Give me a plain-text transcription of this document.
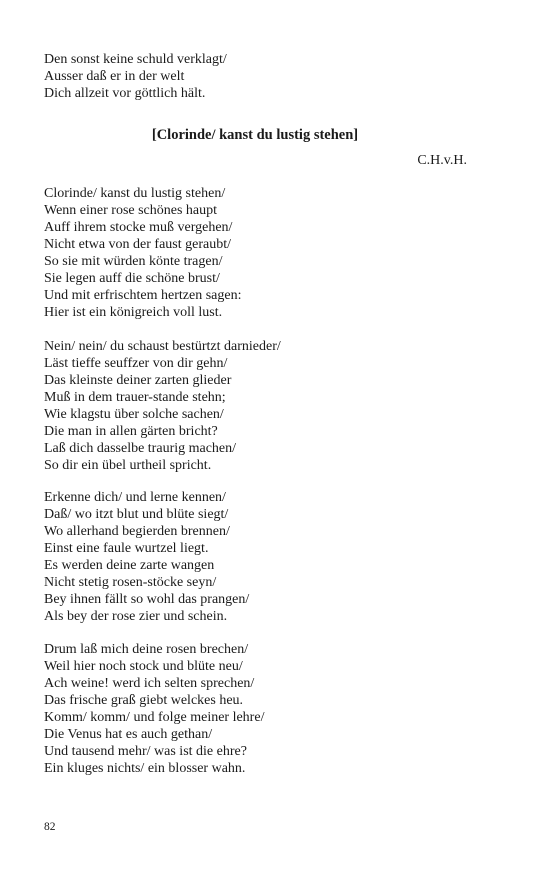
Den sonst keine schuld verklagt/
Ausser daß er in der welt
Dich allzeit vor göttlich hält.
[Clorinde/ kanst du lustig stehen]
C.H.v.H.
Clorinde/ kanst du lustig stehen/
Wenn einer rose schönes haupt
Auff ihrem stocke muß vergehen/
Nicht etwa von der faust geraubt/
So sie mit würden könte tragen/
Sie legen auff die schöne brust/
Und mit erfrischtem hertzen sagen:
Hier ist ein königreich voll lust.
Nein/ nein/ du schaust bestürtzt darnieder/
Läst tieffe seuffzer von dir gehn/
Das kleinste deiner zarten glieder
Muß in dem trauer-stande stehn;
Wie klagstu über solche sachen/
Die man in allen gärten bricht?
Laß dich dasselbe traurig machen/
So dir ein übel urtheil spricht.
Erkenne dich/ und lerne kennen/
Daß/ wo itzt blut und blüte siegt/
Wo allerhand begierden brennen/
Einst eine faule wurtzel liegt.
Es werden deine zarte wangen
Nicht stetig rosen-stöcke seyn/
Bey ihnen fällt so wohl das prangen/
Als bey der rose zier und schein.
Drum laß mich deine rosen brechen/
Weil hier noch stock und blüte neu/
Ach weine! werd ich selten sprechen/
Das frische graß giebt welckes heu.
Komm/ komm/ und folge meiner lehre/
Die Venus hat es auch gethan/
Und tausend mehr/ was ist die ehre?
Ein kluges nichts/ ein blosser wahn.
82
